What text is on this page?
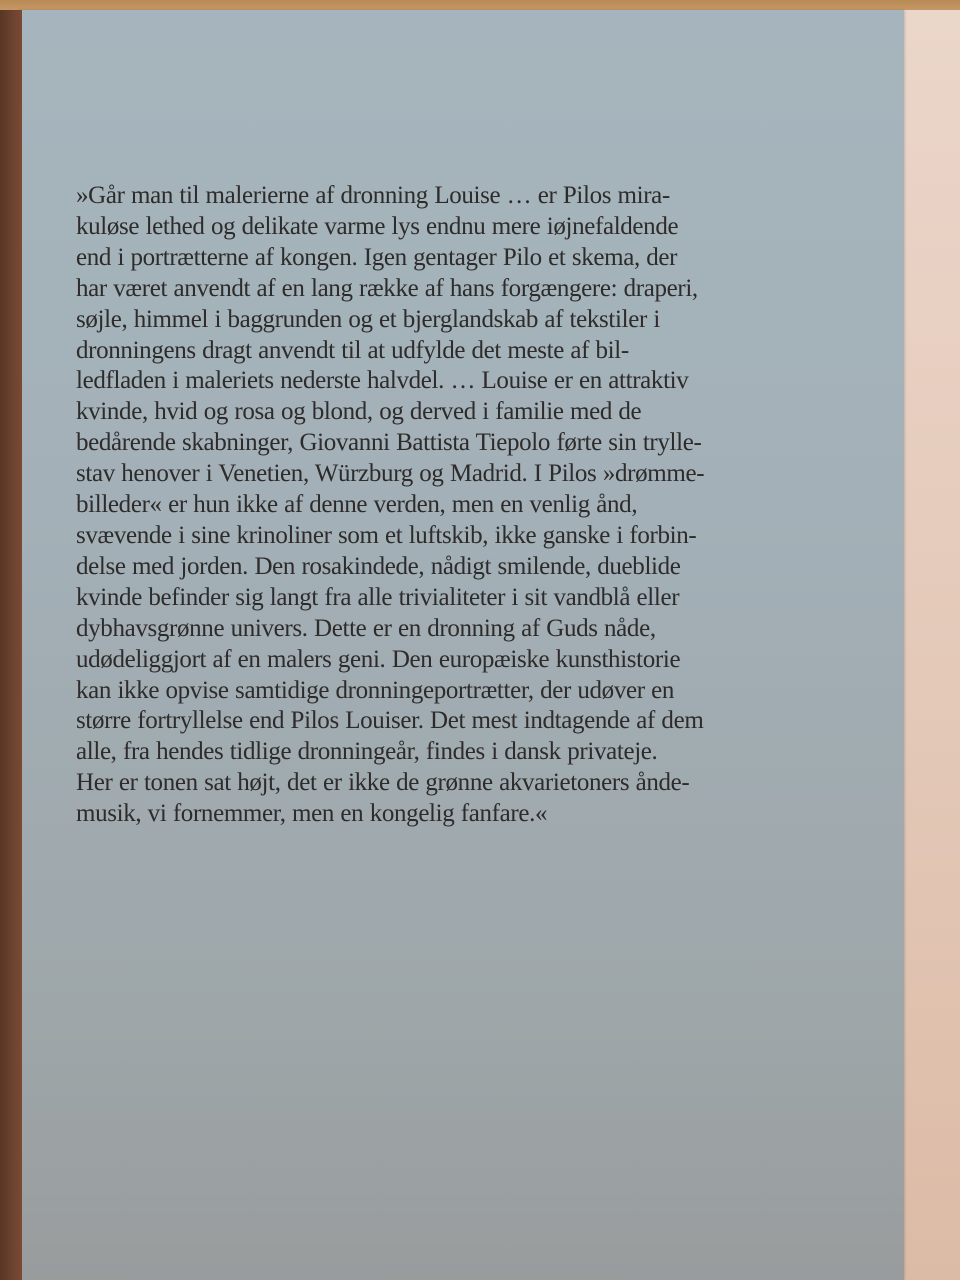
»Går man til malerierne af dronning Louise … er Pilos mira-
kuløse lethed og delikate varme lys endnu mere iøjnefaldende
end i portrætterne af kongen. Igen gentager Pilo et skema, der
har været anvendt af en lang række af hans forgængere: draperi,
søjle, himmel i baggrunden og et bjerglandskab af tekstiler i
dronningens dragt anvendt til at udfylde det meste af bil-
ledfladen i maleriets nederste halvdel. … Louise er en attraktiv
kvinde, hvid og rosa og blond, og derved i familie med de
bedårende skabninger, Giovanni Battista Tiepolo førte sin trylle-
stav henover i Venetien, Würzburg og Madrid. I Pilos »drømme-
billeder« er hun ikke af denne verden, men en venlig ånd,
svævende i sine krinoliner som et luftskib, ikke ganske i forbin-
delse med jorden. Den rosakindede, nådigt smilende, dueblide
kvinde befinder sig langt fra alle trivialiteter i sit vandblå eller
dybhavsgrønne univers. Dette er en dronning af Guds nåde,
udødeliggjort af en malers geni. Den europæiske kunsthistorie
kan ikke opvise samtidige dronningeportrætter, der udøver en
større fortryllelse end Pilos Louiser. Det mest indtagende af dem
alle, fra hendes tidlige dronningeår, findes i dansk privateje.
Her er tonen sat højt, det er ikke de grønne akvarietoners ånde-
musik, vi fornemmer, men en kongelig fanfare.«
